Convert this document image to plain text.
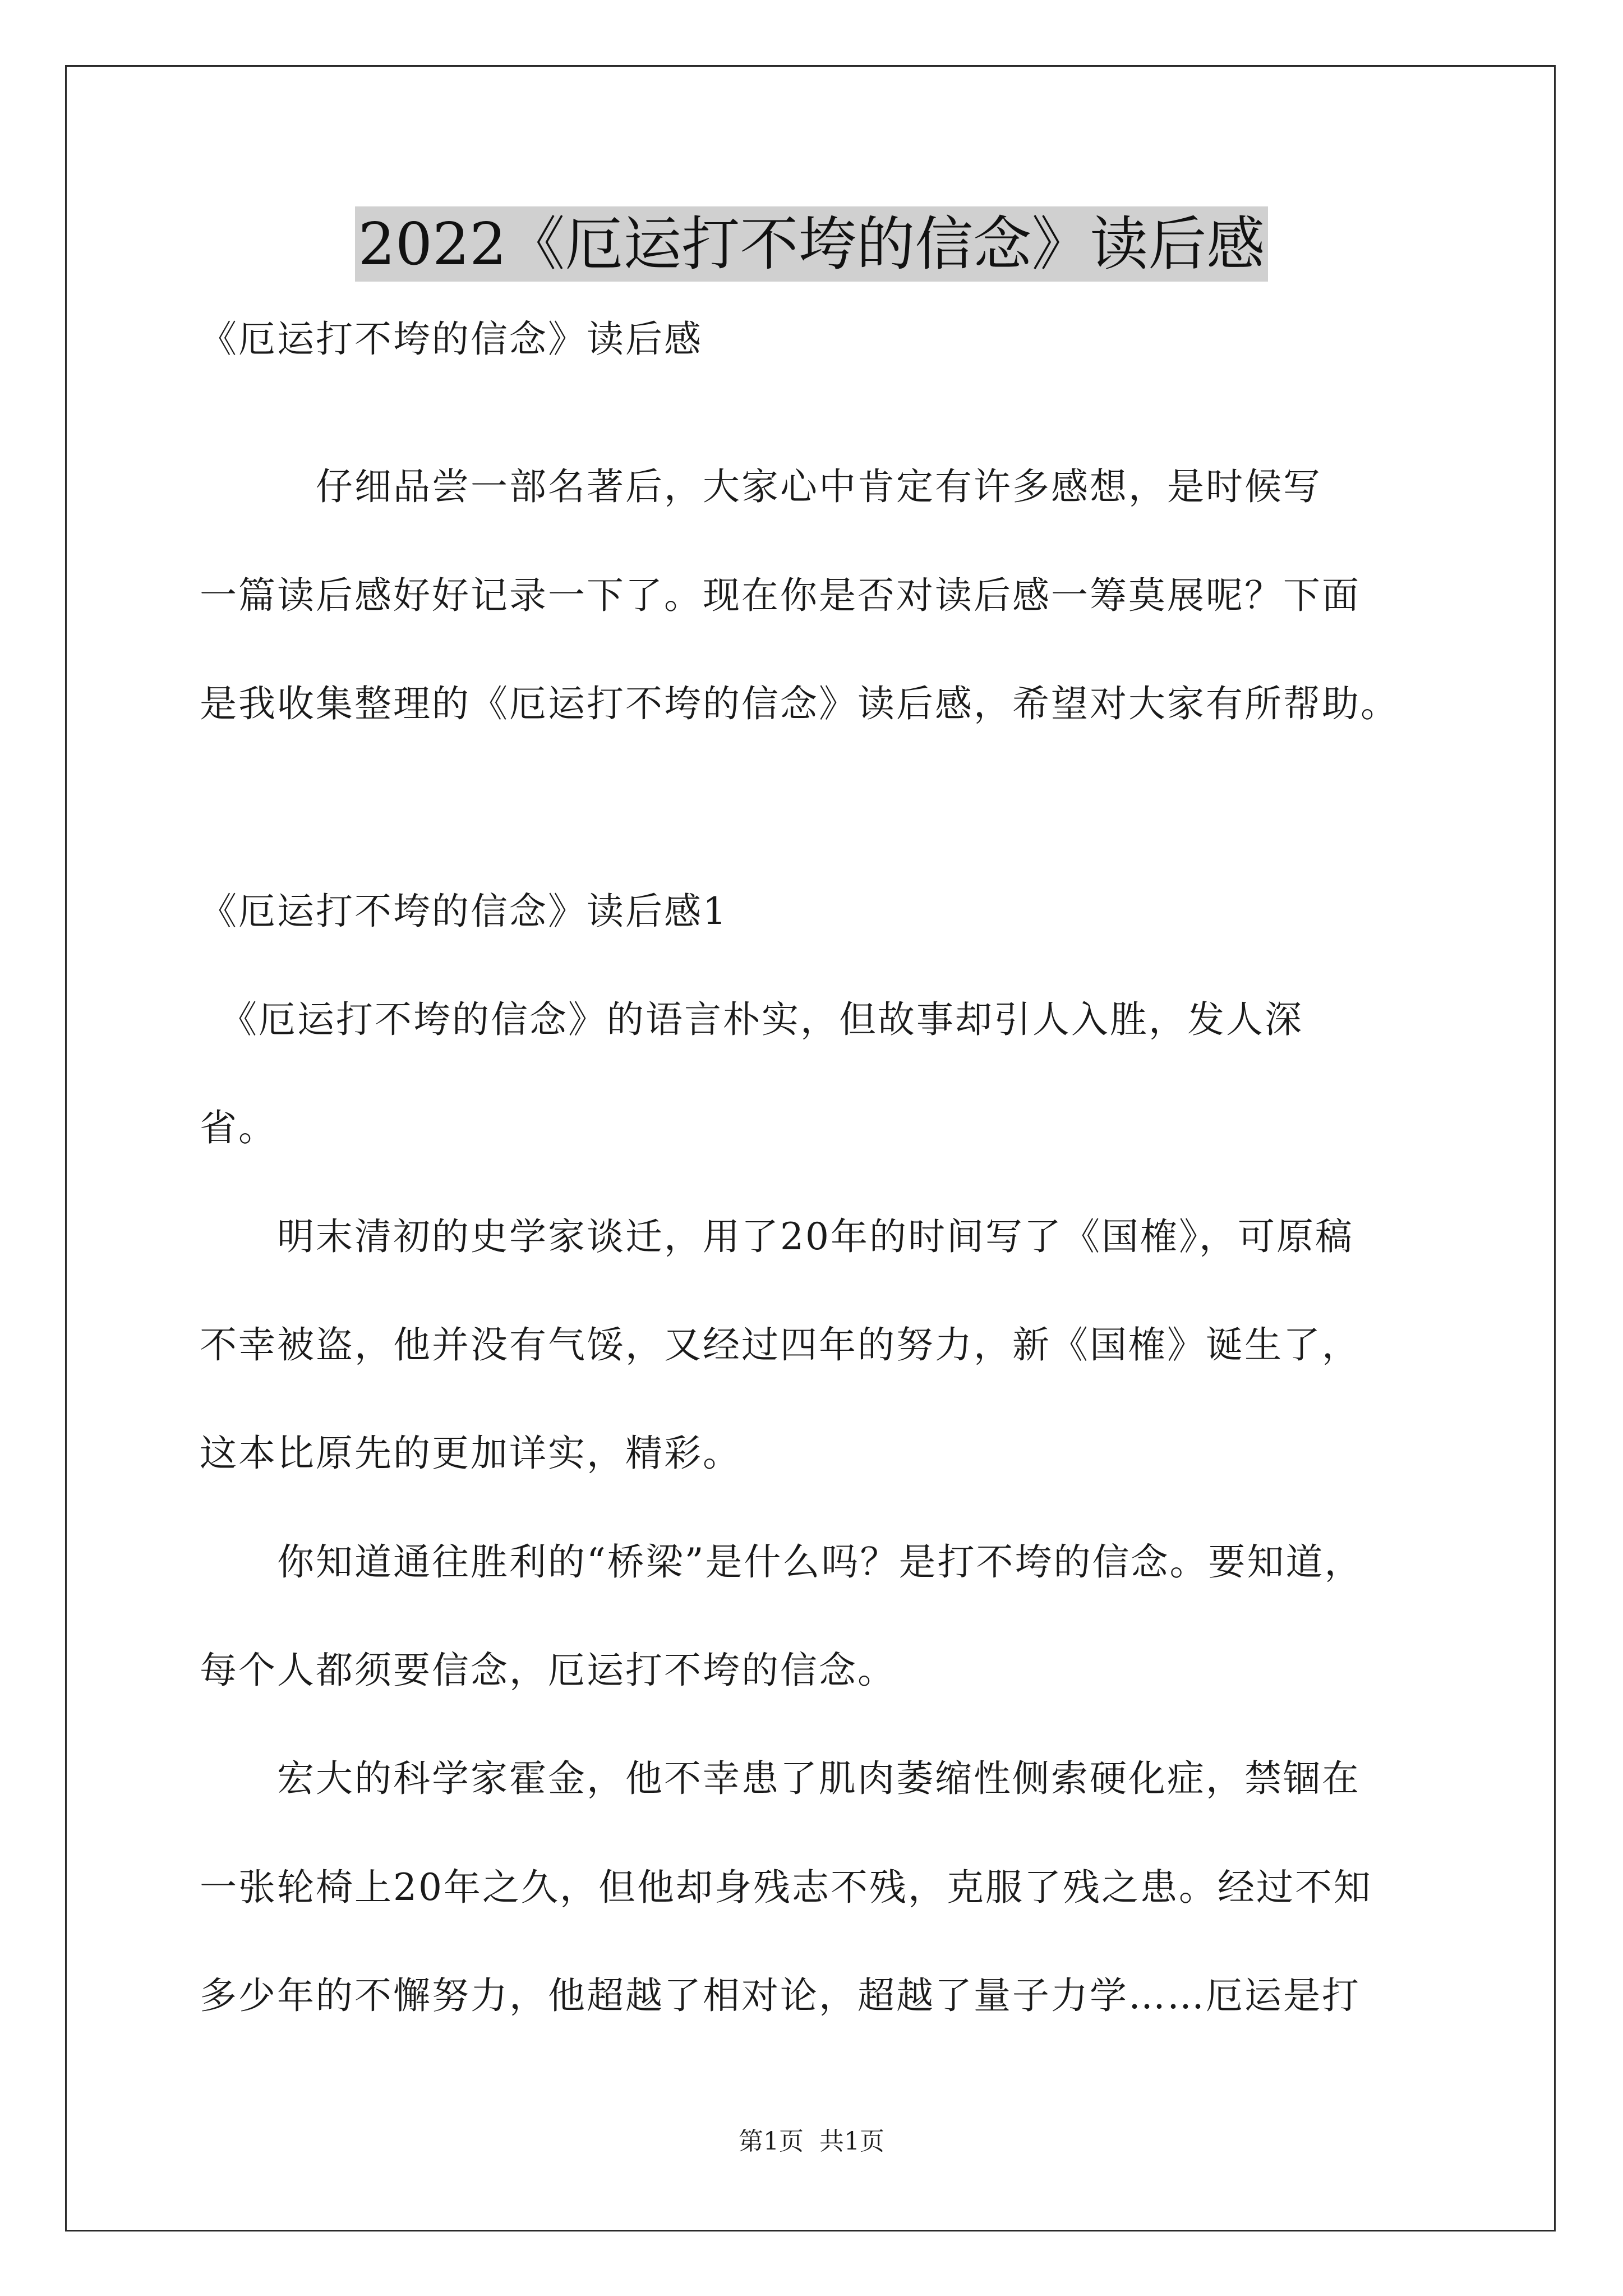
2022《厄运打不垮的信念》读后感
《厄运打不垮的信念》读后感
　　　仔细品尝一部名著后，大家心中肯定有许多感想，是时候写
一篇读后感好好记录一下了。现在你是否对读后感一筹莫展呢？下面
是我收集整理的《厄运打不垮的信念》读后感，希望对大家有所帮助。
《厄运打不垮的信念》读后感1
　《厄运打不垮的信念》的语言朴实，但故事却引人入胜，发人深
省。
　　明末清初的史学家谈迁，用了20年的时间写了《国榷》，可原稿
不幸被盗，他并没有气馁，又经过四年的努力，新《国榷》诞生了，
这本比原先的更加详实，精彩。
　　你知道通往胜利的“桥梁”是什么吗？是打不垮的信念。要知道，
每个人都须要信念，厄运打不垮的信念。
　　宏大的科学家霍金，他不幸患了肌肉萎缩性侧索硬化症，禁锢在
一张轮椅上20年之久，但他却身残志不残，克服了残之患。经过不知
多少年的不懈努力，他超越了相对论，超越了量子力学……厄运是打
第1页 共1页
